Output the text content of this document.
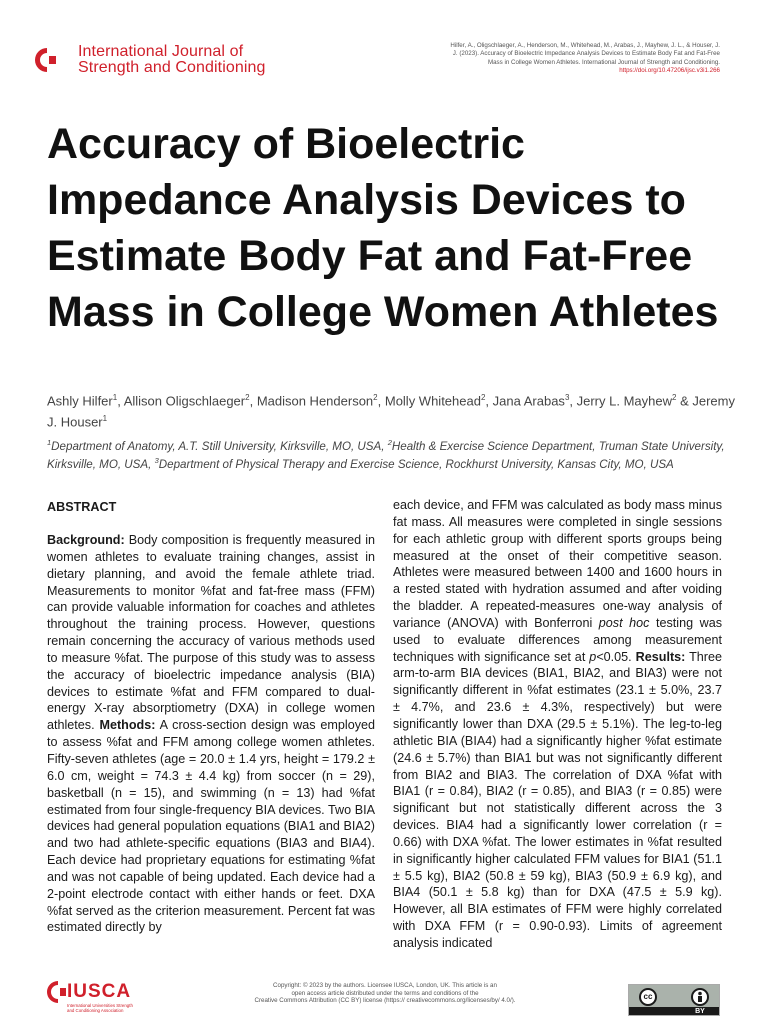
International Journal of
Strength and Conditioning
Hilfer, A., Oligschlaeger, A., Henderson, M., Whitehead, M., Arabas, J., Mayhew, J. L., & Houser, J.
J. (2023). Accuracy of Bioelectric Impedance Analysis Devices to Estimate Body Fat and Fat-Free
Mass in College Women Athletes. International Journal of Strength and Conditioning.
https://doi.org/10.47206/ijsc.v3i1.266
Accuracy of Bioelectric Impedance Analysis Devices to Estimate Body Fat and Fat-Free Mass in College Women Athletes

Ashly Hilfer$^1$, Allison Oligschlaeger$^2$, Madison Henderson$^2$, Molly Whitehead$^2$, Jana Arabas$^3$, Jerry L. Mayhew$^2$ & Jeremy J. Houser$^1$

$^1$Department of Anatomy, A.T. Still University, Kirksville, MO, USA, $^2$Health & Exercise Science Department, Truman State University, Kirksville, MO, USA, $^3$Department of Physical Therapy and Exercise Science, Rockhurst University, Kansas City, MO, USA

ABSTRACT

Background: Body composition is frequently measured in women athletes to evaluate training changes, assist in dietary planning, and avoid the female athlete triad. Measurements to monitor %fat and fat-free mass (FFM) can provide valuable information for coaches and athletes throughout the training process. However, questions remain concerning the accuracy of various methods used to measure %fat. The purpose of this study was to assess the accuracy of bioelectric impedance analysis (BIA) devices to estimate %fat and FFM compared to dual-energy X-ray absorptiometry (DXA) in college women athletes. Methods: A cross-section design was employed to assess %fat and FFM among college women athletes. Fifty-seven athletes (age = 20.0 ± 1.4 yrs, height = 179.2 ± 6.0 cm, weight = 74.3 ± 4.4 kg) from soccer (n = 29), basketball (n = 15), and swimming (n = 13) had %fat estimated from four single-frequency BIA devices. Two BIA devices had general population equations (BIA1 and BIA2) and two had athlete-specific equations (BIA3 and BIA4). Each device had proprietary equations for estimating %fat and was not capable of being updated. Each device had a 2-point electrode contact with either hands or feet. DXA %fat served as the criterion measurement. Percent fat was estimated directly by

each device, and FFM was calculated as body mass minus fat mass. All measures were completed in single sessions for each athletic group with different sports groups being measured at the onset of their competitive season. Athletes were measured between 1400 and 1600 hours in a rested stated with hydration assumed and after voiding the bladder. A repeated-measures one-way analysis of variance (ANOVA) with Bonferroni post hoc testing was used to evaluate differences among measurement techniques with significance set at p<0.05. Results: Three arm-to-arm BIA devices (BIA1, BIA2, and BIA3) were not significantly different in %fat estimates (23.1 ± 5.0%, 23.7 ± 4.7%, and 23.6 ± 4.3%, respectively) but were significantly lower than DXA (29.5 ± 5.1%). The leg-to-leg athletic BIA (BIA4) had a significantly higher %fat estimate (24.6 ± 5.7%) than BIA1 but was not significantly different from BIA2 and BIA3. The correlation of DXA %fat with BIA1 (r = 0.84), BIA2 (r = 0.85), and BIA3 (r = 0.85) were significant but not statistically different across the 3 devices. BIA4 had a significantly lower correlation (r = 0.66) with DXA %fat. The lower estimates in %fat resulted in significantly higher calculated FFM values for BIA1 (51.1 ± 5.5 kg), BIA2 (50.8 ± 59 kg), BIA3 (50.9 ± 6.9 kg), and BIA4 (50.1 ± 5.8 kg) than for DXA (47.5 ± 5.9 kg). However, all BIA estimates of FFM were highly correlated with DXA FFM (r = 0.90-0.93). Limits of agreement analysis indicated

IUSCA
International Universities Strength
and Conditioning Association
Copyright: © 2023 by the authors. Licensee IUSCA, London, UK. This article is an
open access article distributed under the terms and conditions of the
Creative Commons Attribution (CC BY) license (https:// creativecommons.org/licenses/by/ 4.0/).	cc
BY
